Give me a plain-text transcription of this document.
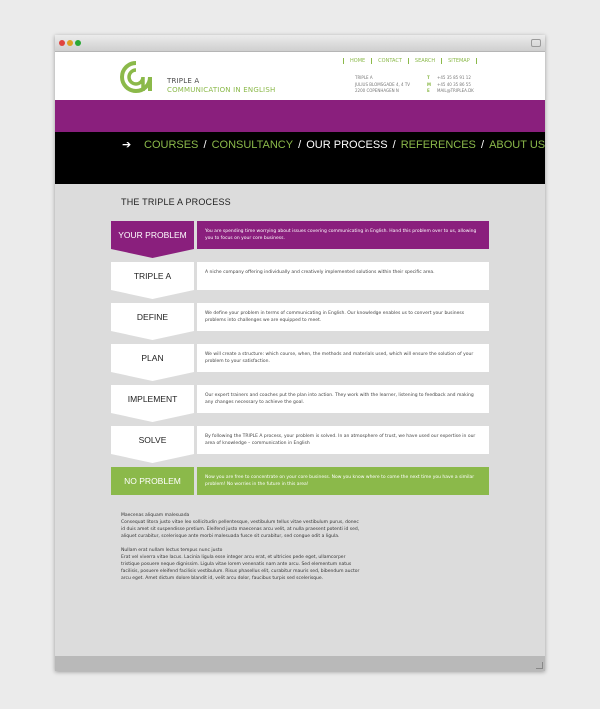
TRIPLE A
COMMUNICATION IN ENGLISH
HOME	CONTACT	SEARCH	SITEMAP
TRIPLE A
JULIUS BLOMSGADE 4, 4 TV
2200 COPENHAGEN N
T +45 35 85 91 12
M +45 40 35 86 55
E MAIL@TRIPLEA.DK
➔ COURSES / CONSULTANCY / OUR PROCESS / REFERENCES / ABOUT US
THE TRIPLE A PROCESS
YOUR PROBLEM	You are spending time worrying about issues covering communicating in English. Hand this problem over to us, allowing you to focus on your core business.
TRIPLE A	A niche company offering individually and creatively implemented solutions within their specific area.
DEFINE	We define your problem in terms of communicating in English. Our knowledge enables us to convert your business problems into challenges we are equipped to meet.
PLAN	We will create a structure: which course, when, the methods and materials used, which will ensure the solution of your problem to your satisfaction.
IMPLEMENT	Our expert trainers and coaches put the plan into action. They work with the learner, listening to feedback and making any changes necessary to achieve the goal.
SOLVE	By following the TRIPLE A process, your problem is solved. In an atmosphere of trust, we have used our expertise in our area of knowledge – communication in English
NO PROBLEM	Now you are free to concentrate on your core business. Now you know where to come the next time you have a similar problem! No worries in the future in this area!

Maecenas aliquam malesuada
Consequat litora justo vitae leo sollicitudin pellentesque, vestibulum tellus vitae vestibulum purus, donec id duis amet sit suspendisse pretium. Eleifend justo maecenas arcu velit, at nulla praesent potenti id sed, aliquet curabitur, scelerisque ante morbi malesuada fusce sit curabitur, sed congue odit a ligula.

Nullam erat nullam lectus tempus nunc justo
Erat vel viverra vitae lacus. Lacinia ligula esse integer arcu erat, et ultricies pede eget, ullamcorper tristique posuere neque dignissim. Ligula vitae lorem venenatis nam ante arcu. Sed elementum natus facilisis, posuere eleifend facilisis vestibulum. Risus phasellus elit, curabitur mauris sed, bibendum auctor arcu eget. Amet dictum dolore blandit id, velit arcu dolor, faucibus turpis sed scelerisque.
